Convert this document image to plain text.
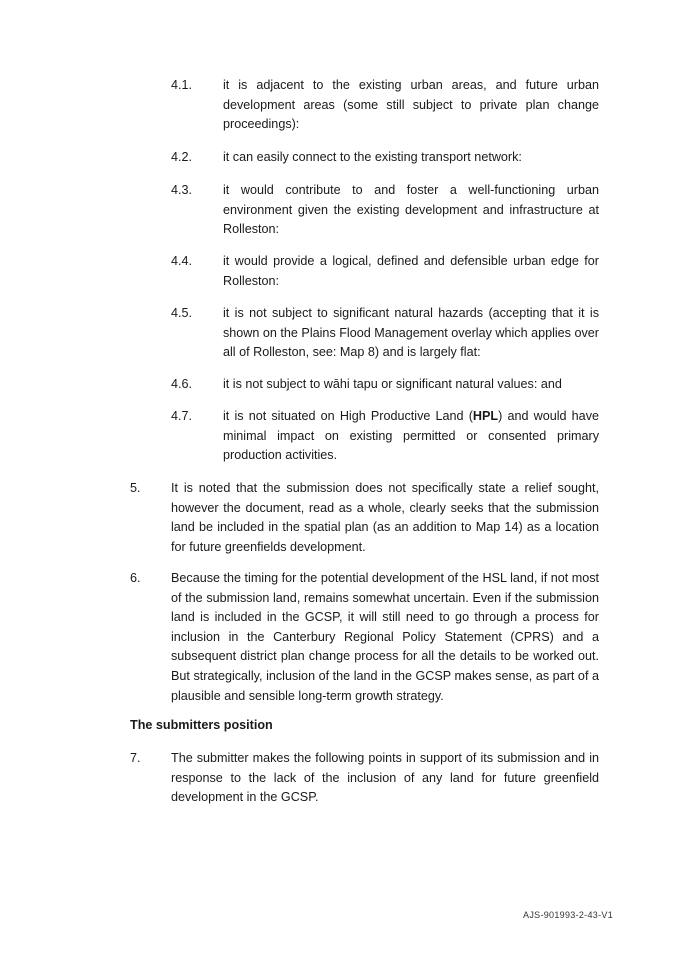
4.1.	it is adjacent to the existing urban areas, and future urban development areas (some still subject to private plan change proceedings):
4.2.	it can easily connect to the existing transport network:
4.3.	it would contribute to and foster a well-functioning urban environment given the existing development and infrastructure at Rolleston:
4.4.	it would provide a logical, defined and defensible urban edge for Rolleston:
4.5.	it is not subject to significant natural hazards (accepting that it is shown on the Plains Flood Management overlay which applies over all of Rolleston, see: Map 8) and is largely flat:
4.6.	it is not subject to wāhi tapu or significant natural values: and
4.7.	it is not situated on High Productive Land (HPL) and would have minimal impact on existing permitted or consented primary production activities.
5.	It is noted that the submission does not specifically state a relief sought, however the document, read as a whole, clearly seeks that the submission land be included in the spatial plan (as an addition to Map 14) as a location for future greenfields development.
6.	Because the timing for the potential development of the HSL land, if not most of the submission land, remains somewhat uncertain. Even if the submission land is included in the GCSP, it will still need to go through a process for inclusion in the Canterbury Regional Policy Statement (CPRS) and a subsequent district plan change process for all the details to be worked out. But strategically, inclusion of the land in the GCSP makes sense, as part of a plausible and sensible long-term growth strategy.
The submitters position
7.	The submitter makes the following points in support of its submission and in response to the lack of the inclusion of any land for future greenfield development in the GCSP.
AJS-901993-2-43-V1
